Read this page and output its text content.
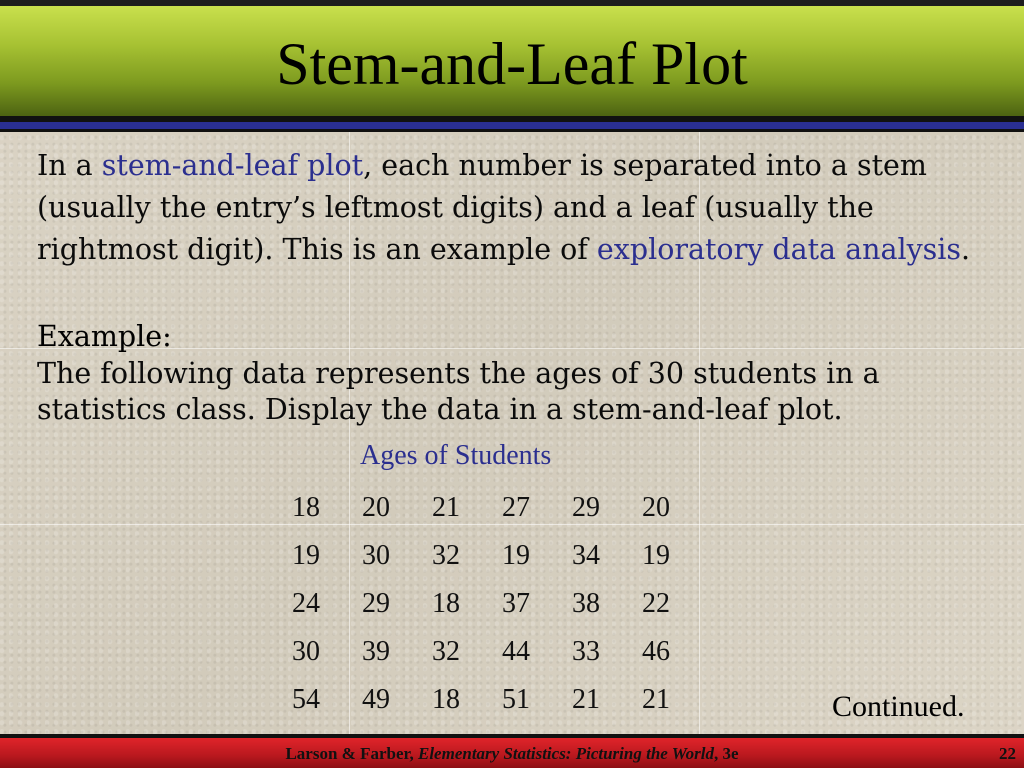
Stem-and-Leaf Plot
In a stem-and-leaf plot, each number is separated into a stem (usually the entry’s leftmost digits) and a leaf (usually the rightmost digit). This is an example of exploratory data analysis.
Example:
The following data represents the ages of 30 students in a statistics class. Display the data in a stem-and-leaf plot.
Ages of Students
18	20	21	27	29	20
19	30	32	19	34	19
24	29	18	37	38	22
30	39	32	44	33	46
54	49	18	51	21	21	Continued.
Larson & Farber, Elementary Statistics: Picturing the World, 3e	22
